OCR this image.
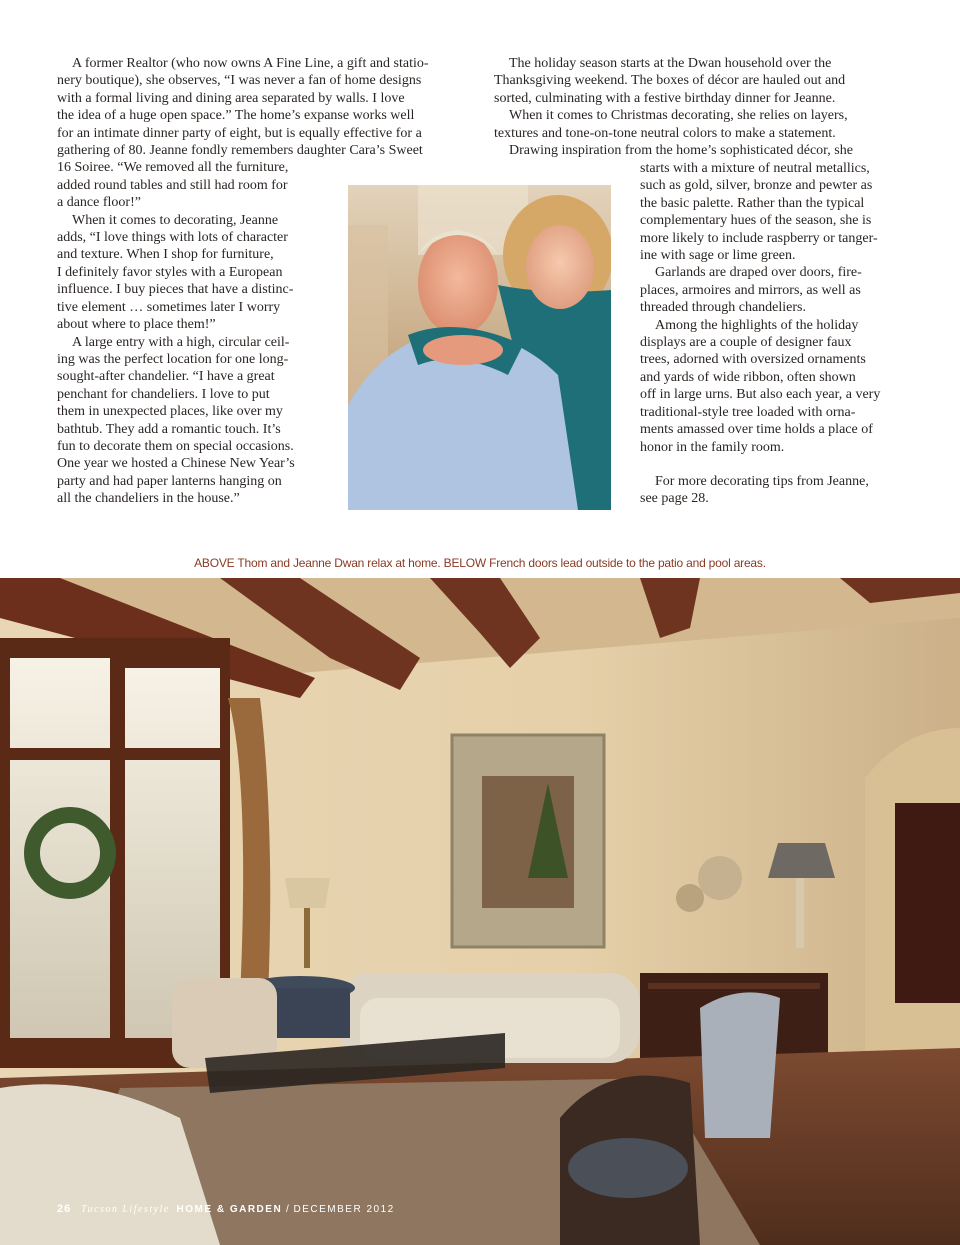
A former Realtor (who now owns A Fine Line, a gift and statio-
nery boutique), she observes, “I was never a fan of home designs
with a formal living and dining area separated by walls. I love
the idea of a huge open space.” The home’s expanse works well
for an intimate dinner party of eight, but is equally effective for a
gathering of 80. Jeanne fondly remembers daughter Cara’s Sweet
16 Soiree. “We removed all the furniture,
added round tables and still had room for
a dance floor!”

When it comes to decorating, Jeanne
adds, “I love things with lots of character
and texture. When I shop for furniture,
I definitely favor styles with a European
influence. I buy pieces that have a distinc-
tive element … sometimes later I worry
about where to place them!”

A large entry with a high, circular ceil-
ing was the perfect location for one long-
sought-after chandelier. “I have a great
penchant for chandeliers. I love to put
them in unexpected places, like over my
bathtub. They add a romantic touch. It’s
fun to decorate them on special occasions.
One year we hosted a Chinese New Year’s
party and had paper lanterns hanging on
all the chandeliers in the house.”

The holiday season starts at the Dwan household over the
Thanksgiving weekend. The boxes of décor are hauled out and
sorted, culminating with a festive birthday dinner for Jeanne.

When it comes to Christmas decorating, she relies on layers,
textures and tone-on-tone neutral colors to make a statement.

Drawing inspiration from the home’s sophisticated décor, she

starts with a mixture of neutral metallics,
such as gold, silver, bronze and pewter as
the basic palette. Rather than the typical
complementary hues of the season, she is
more likely to include raspberry or tanger-
ine with sage or lime green.

Garlands are draped over doors, fire-
places, armoires and mirrors, as well as
threaded through chandeliers.

Among the highlights of the holiday
displays are a couple of designer faux
trees, adorned with oversized ornaments
and yards of wide ribbon, often shown
off in large urns. But also each year, a very
traditional-style tree loaded with orna-
ments amassed over time holds a place of
honor in the family room.

For more decorating tips from Jeanne,
see page 28.

ABOVE Thom and Jeanne Dwan relax at home. BELOW French doors lead outside to the patio and pool areas.
26 Tucson Lifestyle HOME & GARDEN / DECEMBER 2012
